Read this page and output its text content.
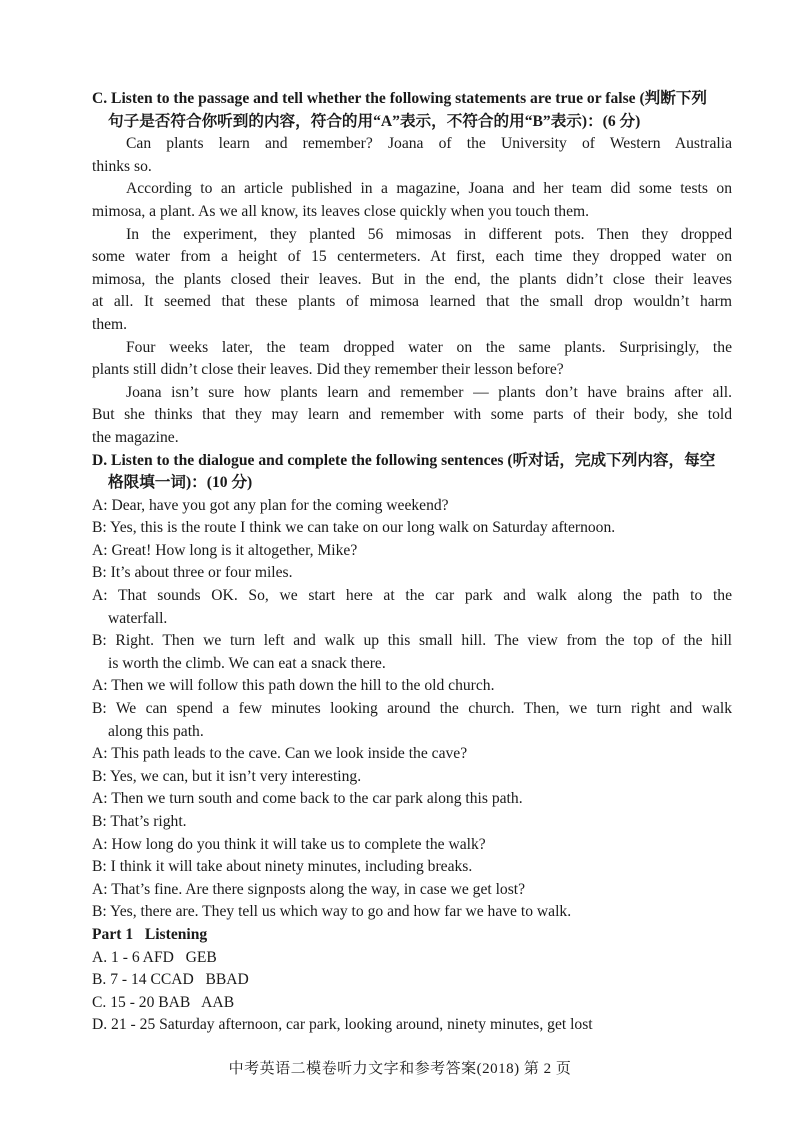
C. Listen to the passage and tell whether the following statements are true or false (判断下列
句子是否符合你听到的内容，符合的用“A”表示，不符合的用“B”表示)：(6 分)
Can plants learn and remember? Joana of the University of Western Australia
thinks so.
According to an article published in a magazine, Joana and her team did some tests on
mimosa, a plant. As we all know, its leaves close quickly when you touch them.
In the experiment, they planted 56 mimosas in different pots. Then they dropped
some water from a height of 15 centermeters. At first, each time they dropped water on
mimosa, the plants closed their leaves. But in the end, the plants didn’t close their leaves
at all. It seemed that these plants of mimosa learned that the small drop wouldn’t harm
them.
Four weeks later, the team dropped water on the same plants. Surprisingly, the
plants still didn’t close their leaves. Did they remember their lesson before?
Joana isn’t sure how plants learn and remember — plants don’t have brains after all.
But she thinks that they may learn and remember with some parts of their body, she told
the magazine.
D. Listen to the dialogue and complete the following sentences (听对话，完成下列内容，每空
格限填一词)：(10 分)
A: Dear, have you got any plan for the coming weekend?
B: Yes, this is the route I think we can take on our long walk on Saturday afternoon.
A: Great! How long is it altogether, Mike?
B: It’s about three or four miles.
A: That sounds OK. So, we start here at the car park and walk along the path to the
waterfall.
B: Right. Then we turn left and walk up this small hill. The view from the top of the hill
is worth the climb. We can eat a snack there.
A: Then we will follow this path down the hill to the old church.
B: We can spend a few minutes looking around the church. Then, we turn right and walk
along this path.
A: This path leads to the cave. Can we look inside the cave?
B: Yes, we can, but it isn’t very interesting.
A: Then we turn south and come back to the car park along this path.
B: That’s right.
A: How long do you think it will take us to complete the walk?
B: I think it will take about ninety minutes, including breaks.
A: That’s fine. Are there signposts along the way, in case we get lost?
B: Yes, there are. They tell us which way to go and how far we have to walk.
Part 1   Listening
A. 1 - 6 AFD   GEB
B. 7 - 14 CCAD   BBAD
C. 15 - 20 BAB   AAB
D. 21 - 25 Saturday afternoon, car park, looking around, ninety minutes, get lost
中考英语二模卷听力文字和参考答案(2018) 第 2 页
